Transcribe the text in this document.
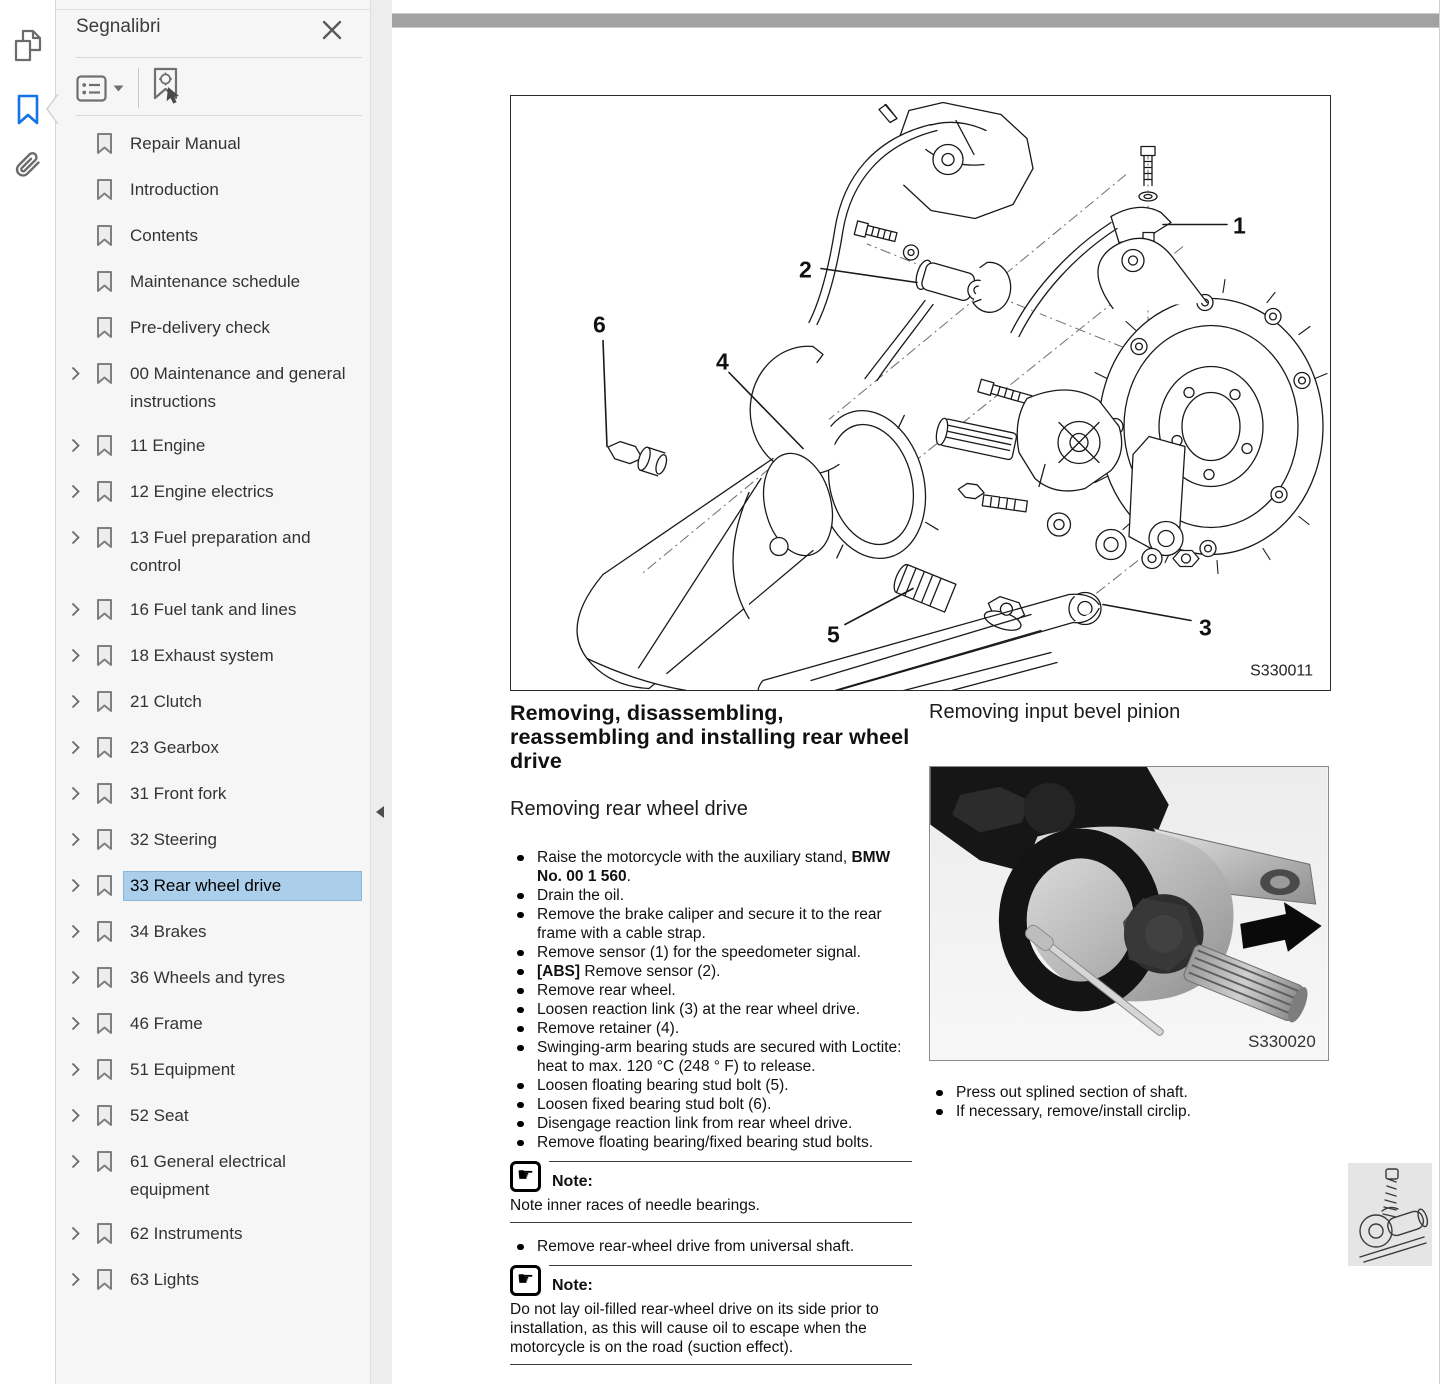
Segnalibri
Repair Manual
Introduction
Contents
Maintenance schedule
Pre-delivery check
00 Maintenance and general instructions
11 Engine
12 Engine electrics
13 Fuel preparation and control
16 Fuel tank and lines
18 Exhaust system
21 Clutch
23 Gearbox
31 Front fork
32 Steering
33 Rear wheel drive
34 Brakes
36 Wheels and tyres
46 Frame
51 Equipment
52 Seat
61 General electrical equipment
62 Instruments
63 Lights
1
2
3
4
5
6
S330011
Removing, disassembling, reassembling and installing rear wheel drive
Removing rear wheel drive
Raise the motorcycle with the auxiliary stand, BMW No. 00 1 560.
Drain the oil.
Remove the brake caliper and secure it to the rear frame with a cable strap.
Remove sensor (1) for the speedometer signal.
[ABS] Remove sensor (2).
Remove rear wheel.
Loosen reaction link (3) at the rear wheel drive.
Remove retainer (4).
Swinging-arm bearing studs are secured with Loctite: heat to max. 120 °C (248 ° F) to release.
Loosen floating bearing stud bolt (5).
Loosen fixed bearing stud bolt (6).
Disengage reaction link from rear wheel drive.
Remove floating bearing/fixed bearing stud bolts.
☛ Note:
Note inner races of needle bearings.
Remove rear-wheel drive from universal shaft.
☛ Note:
Do not lay oil-filled rear-wheel drive on its side prior to installation, as this will cause oil to escape when the motorcycle is on the road (suction effect).
Removing input bevel pinion
S330020
Press out splined section of shaft.
If necessary, remove/install circlip.
